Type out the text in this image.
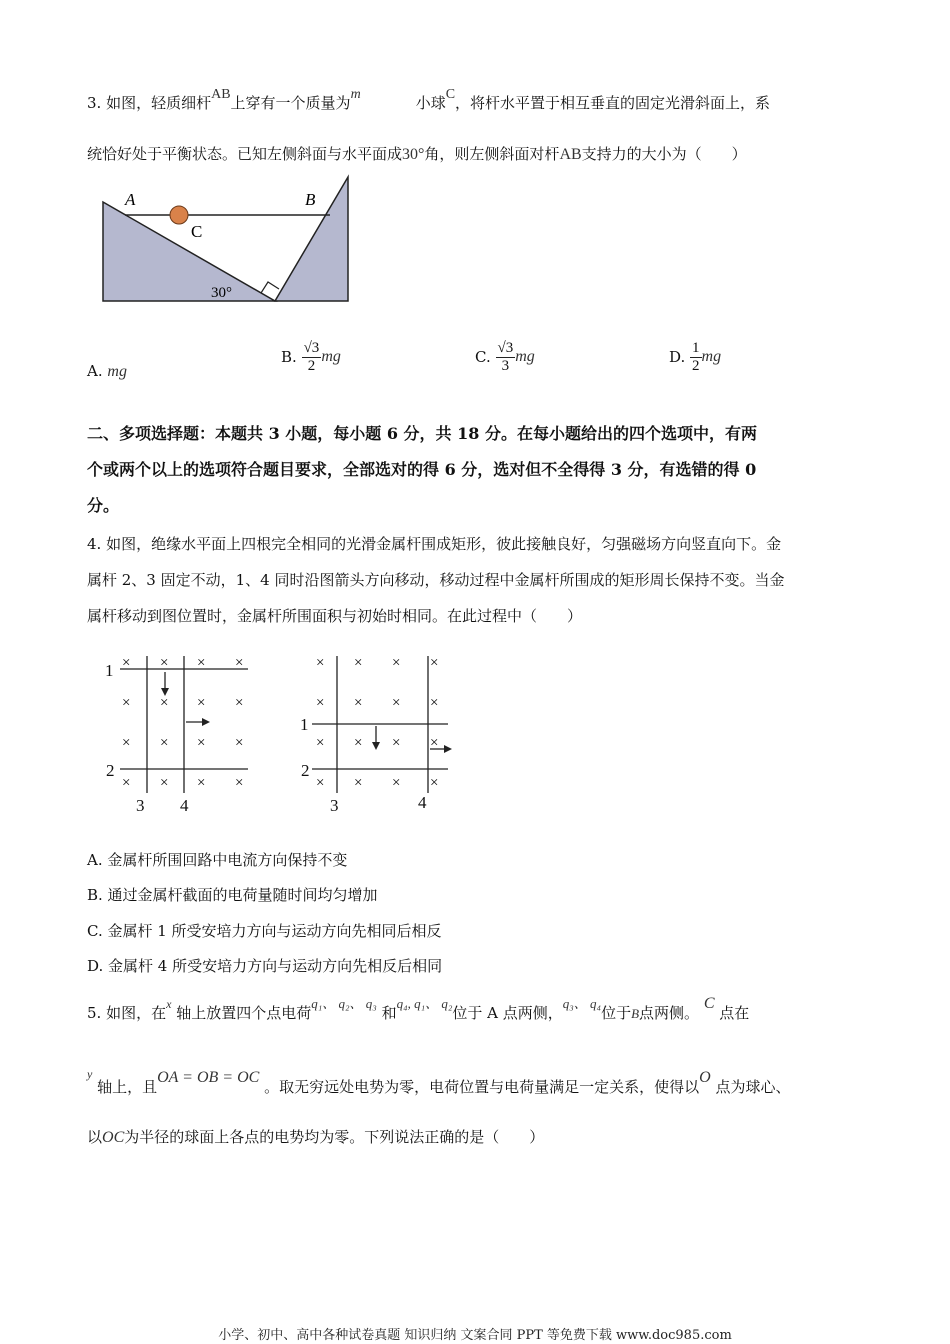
3. 如图，轻质细杆AB上穿有一个质量为m	小球C，将杆水平置于相互垂直的固定光滑斜面上，系
统恰好处于平衡状态。已知左侧斜面与水平面成30°角，则左侧斜面对杆AB支持力的大小为（　　）
A	B
C
30°
A. mg
B. $\frac{√3}{2}$ mg	C. $\frac{√3}{3}$ mg	D. $\frac{1}{2}$ mg
二、多项选择题：本题共 3 小题，每小题 6 分，共 18 分。在每小题给出的四个选项中，有两
个或两个以上的选项符合题目要求，全部选对的得 6 分，选对但不全得得 3 分，有选错的得 0
分。
4. 如图，绝缘水平面上四根完全相同的光滑金属杆围成矩形，彼此接触良好，匀强磁场方向竖直向下。金
属杆 2、3 固定不动，1、4 同时沿图箭头方向移动，移动过程中金属杆所围成的矩形周长保持不变。当金
属杆移动到图位置时，金属杆所围面积与初始时相同。在此过程中（　　）
× × × ×
× × × ×
× × × ×
× × × ×
1
2
3 4
× × × ×
× × × ×
× × × ×
× × × ×
1
2
3	4
A. 金属杆所围回路中电流方向保持不变
B. 通过金属杆截面的电荷量随时间均匀增加
C. 金属杆 1 所受安培力方向与运动方向先相同后相反
D. 金属杆 4 所受安培力方向与运动方向先相反后相同
5. 如图，在$^x$ 轴上放置四个点电荷q₁、 q₂、 q₃ 和q₄, q₁、 q₂位于 A 点两侧，q₃、 q₄位于B点两侧。 C 点在
$^y$ 轴上，且OA = OB = OC 。取无穷远处电势为零，电荷位置与电荷量满足一定关系，使得以O 点为球心、
以OC为半径的球面上各点的电势均为零。下列说法正确的是（　　）
小学、初中、高中各种试卷真题 知识归纳 文案合同 PPT 等免费下载 www.doc985.com
